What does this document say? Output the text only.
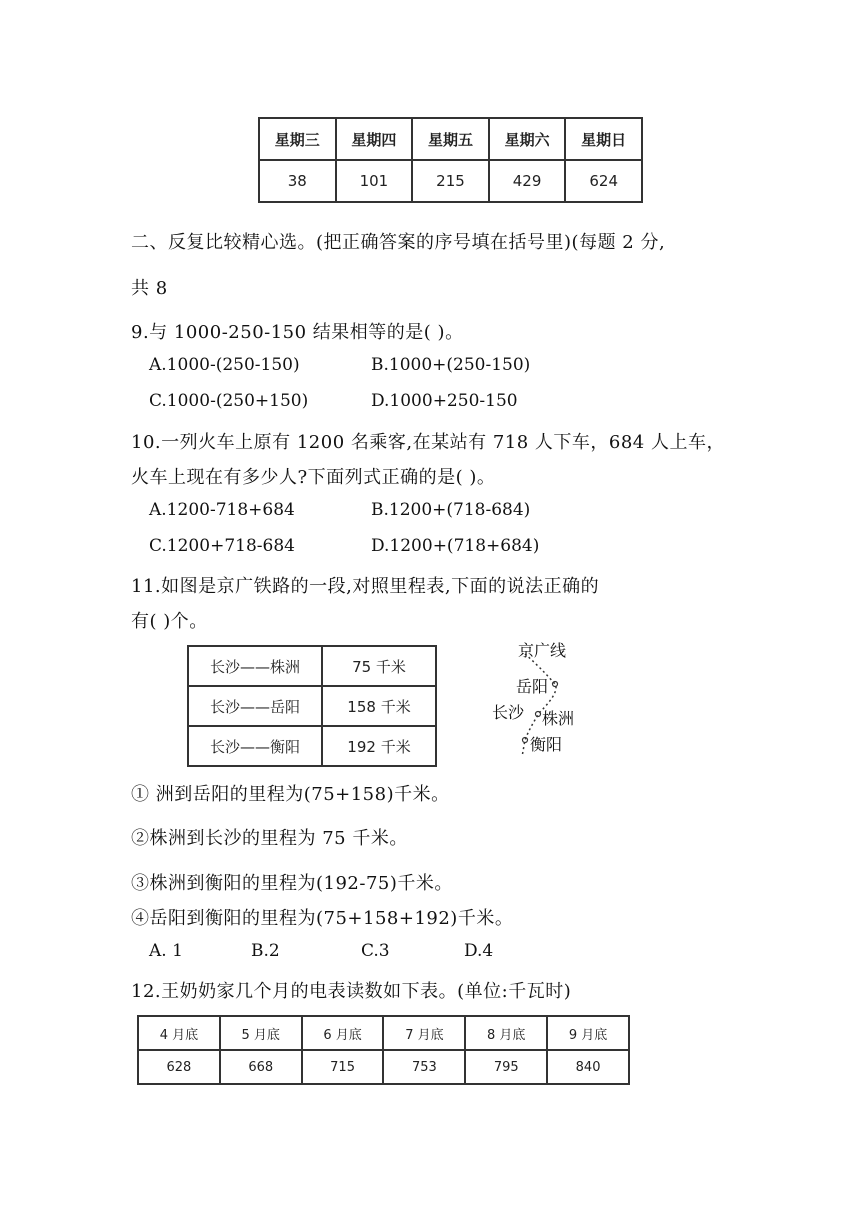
星期三	星期四	星期五	星期六	星期日
38	101	215	429	624
二、反复比较精心选。(把正确答案的序号填在括号里)(每题 2 分,
共 8
9.与 1000-250-150 结果相等的是( )。
A.1000-(250-150)	B.1000+(250-150)
C.1000-(250+150)	D.1000+250-150
10.一列火车上原有 1200 名乘客,在某站有 718 人下车，684 人上车，
火车上现在有多少人?下面列式正确的是( )。
A.1200-718+684	B.1200+(718-684)
C.1200+718-684	D.1200+(718+684)
11.如图是京广铁路的一段,对照里程表,下面的说法正确的
有( )个。
长沙——株洲	75 千米
长沙——岳阳	158 千米
长沙——衡阳	192 千米
京广线
岳阳
长沙 株洲
衡阳
① 洲到岳阳的里程为(75+158)千米。
②株洲到长沙的里程为 75 千米。
③株洲到衡阳的里程为(192-75)千米。
④岳阳到衡阳的里程为(75+158+192)千米。
A. 1	B.2	C.3	D.4
12.王奶奶家几个月的电表读数如下表。(单位:千瓦时)
4 月底	5 月底	6 月底	7 月底	8 月底	9 月底
628	668	715	753	795	840
